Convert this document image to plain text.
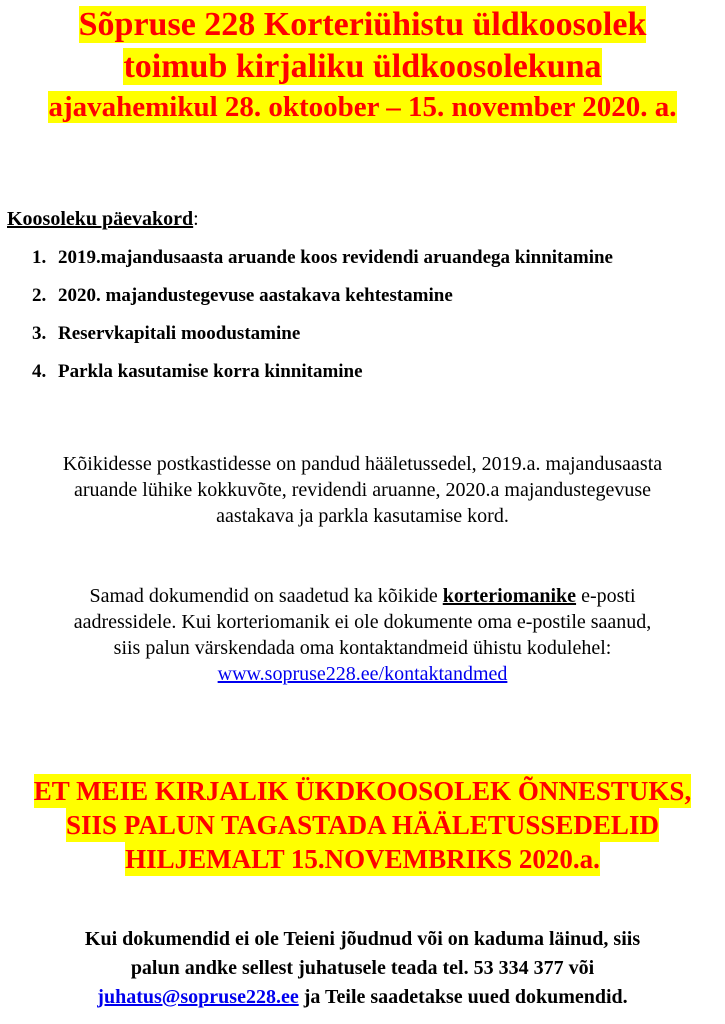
Sõpruse 228 Korteriühistu üldkoosolek
toimub kirjaliku üldkoosolekuna
ajavahemikul 28. oktoober – 15. november 2020. a.
Koosoleku päevakord:
1. 2019.majandusaasta aruande koos revidendi aruandega kinnitamine
2. 2020. majandustegevuse aastakava kehtestamine
3. Reservkapitali moodustamine
4. Parkla kasutamise korra kinnitamine
Kõikidesse postkastidesse on pandud hääletussedel, 2019.a. majandusaasta
aruande lühike kokkuvõte, revidendi aruanne, 2020.a majandustegevuse
aastakava ja parkla kasutamise kord.
Samad dokumendid on saadetud ka kõikide korteriomanike e-posti
aadressidele. Kui korteriomanik ei ole dokumente oma e-postile saanud,
siis palun värskendada oma kontaktandmeid ühistu kodulehel:
www.sopruse228.ee/kontaktandmed
ET MEIE KIRJALIK ÜKDKOOSOLEK ÕNNESTUKS,
SIIS PALUN TAGASTADA HÄÄLETUSSEDELID
HILJEMALT 15.NOVEMBRIKS 2020.a.
Kui dokumendid ei ole Teieni jõudnud või on kaduma läinud, siis
palun andke sellest juhatusele teada tel. 53 334 377 või
juhatus@sopruse228.ee ja Teile saadetakse uued dokumendid.
